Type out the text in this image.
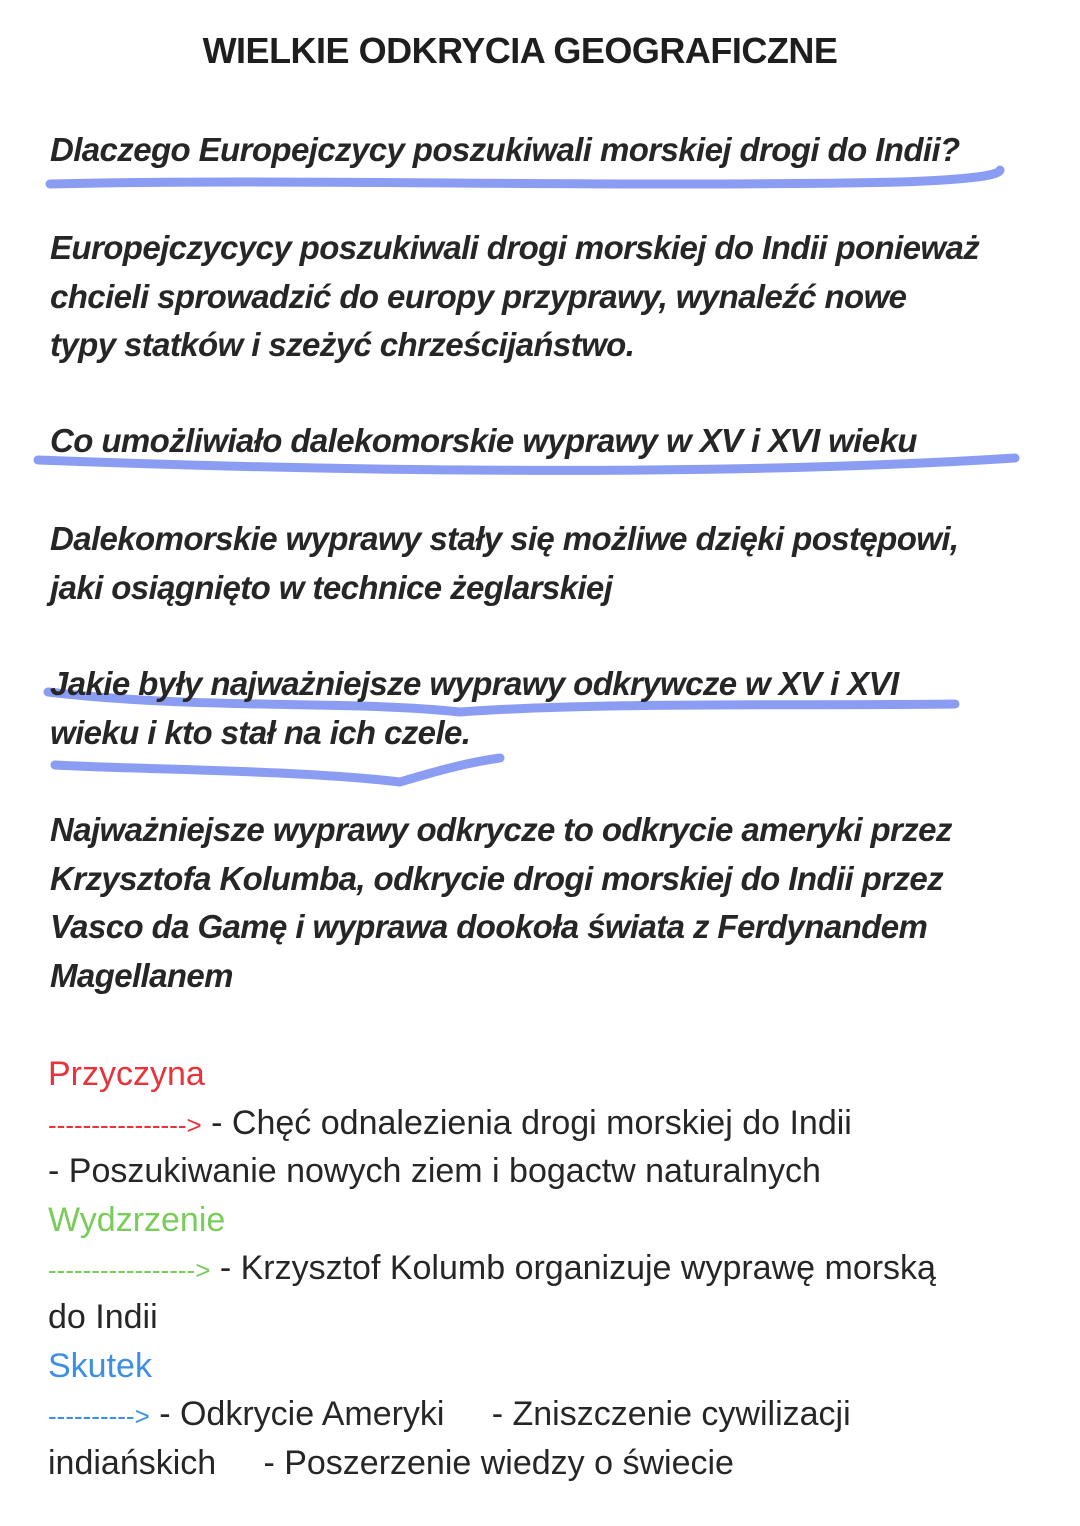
WIELKIE ODKRYCIA GEOGRAFICZNE
Dlaczego Europejczycy poszukiwali morskiej drogi do Indii?
Europejczycycy poszukiwali drogi morskiej do Indii ponieważ
chcieli sprowadzić do europy przyprawy, wynaleźć nowe
typy statków i szeżyć chrześcijaństwo.
Co umożliwiało dalekomorskie wyprawy w XV i XVI wieku
Dalekomorskie wyprawy stały się możliwe dzięki postępowi,
jaki osiągnięto w technice żeglarskiej
Jakie były najważniejsze wyprawy odkrywcze w XV i XVI
wieku i kto stał na ich czele.
Najważniejsze wyprawy odkrycze to odkrycie ameryki przez
Krzysztofa Kolumba, odkrycie drogi morskiej do Indii przez
Vasco da Gamę i wyprawa dookoła świata z Ferdynandem
Magellanem
Przyczyna
----------------> - Chęć odnalezienia drogi morskiej do Indii
- Poszukiwanie nowych ziem i bogactw naturalnych
Wydzrzenie
-----------------> - Krzysztof Kolumb organizuje wyprawę morską
do Indii
Skutek
----------> - Odkrycie Ameryki     - Zniszczenie cywilizacji
indiańskich     - Poszerzenie wiedzy o świecie
